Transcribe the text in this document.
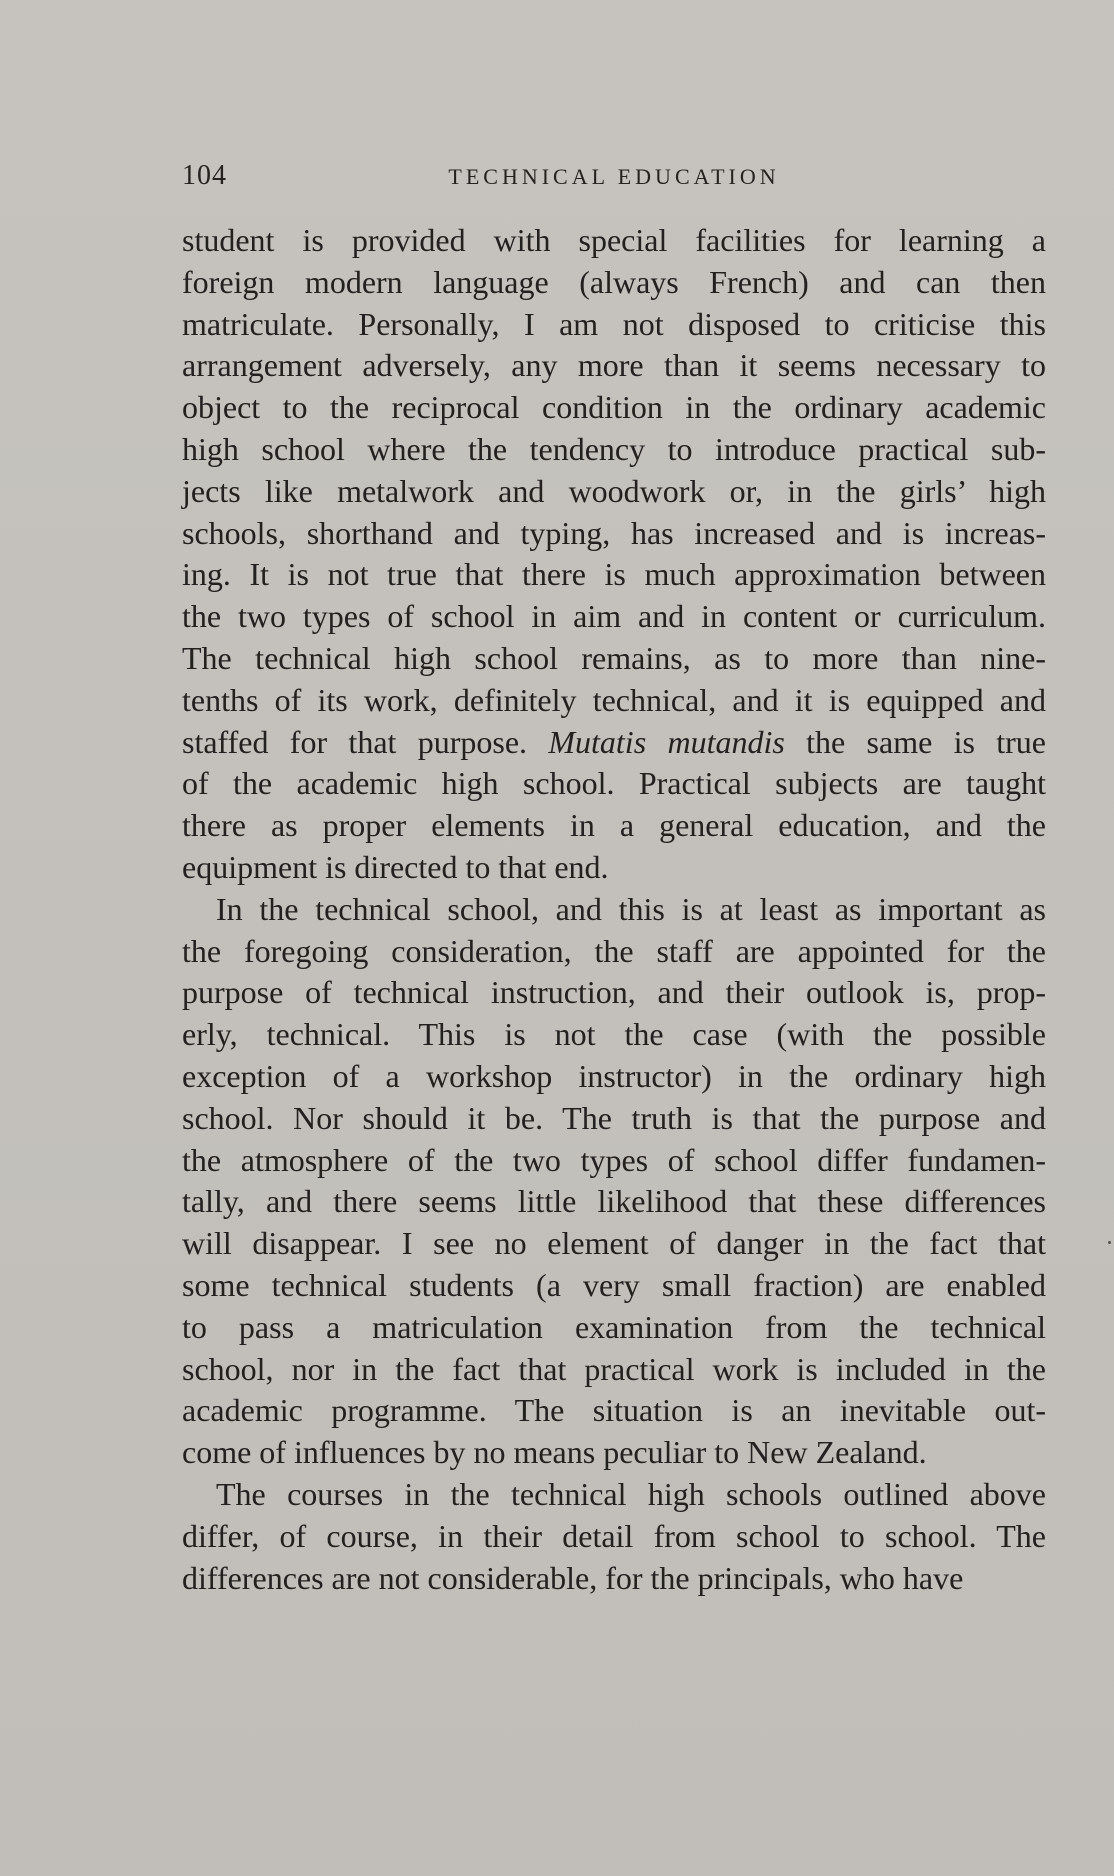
104	TECHNICAL EDUCATION
student is provided with special facilities for learning a
foreign modern language (always French) and can then
matriculate. Personally, I am not disposed to criticise this
arrangement adversely, any more than it seems necessary to
object to the reciprocal condition in the ordinary academic
high school where the tendency to introduce practical sub-
jects like metalwork and woodwork or, in the girls’ high
schools, shorthand and typing, has increased and is increas-
ing. It is not true that there is much approximation between
the two types of school in aim and in content or curriculum.
The technical high school remains, as to more than nine-
tenths of its work, definitely technical, and it is equipped and
staffed for that purpose. Mutatis mutandis the same is true
of the academic high school. Practical subjects are taught
there as proper elements in a general education, and the
equipment is directed to that end.
In the technical school, and this is at least as important as
the foregoing consideration, the staff are appointed for the
purpose of technical instruction, and their outlook is, prop-
erly, technical. This is not the case (with the possible
exception of a workshop instructor) in the ordinary high
school. Nor should it be. The truth is that the purpose and
the atmosphere of the two types of school differ fundamen-
tally, and there seems little likelihood that these differences
will disappear. I see no element of danger in the fact that
some technical students (a very small fraction) are enabled
to pass a matriculation examination from the technical
school, nor in the fact that practical work is included in the
academic programme. The situation is an inevitable out-
come of influences by no means peculiar to New Zealand.
The courses in the technical high schools outlined above
differ, of course, in their detail from school to school. The
differences are not considerable, for the principals, who have
